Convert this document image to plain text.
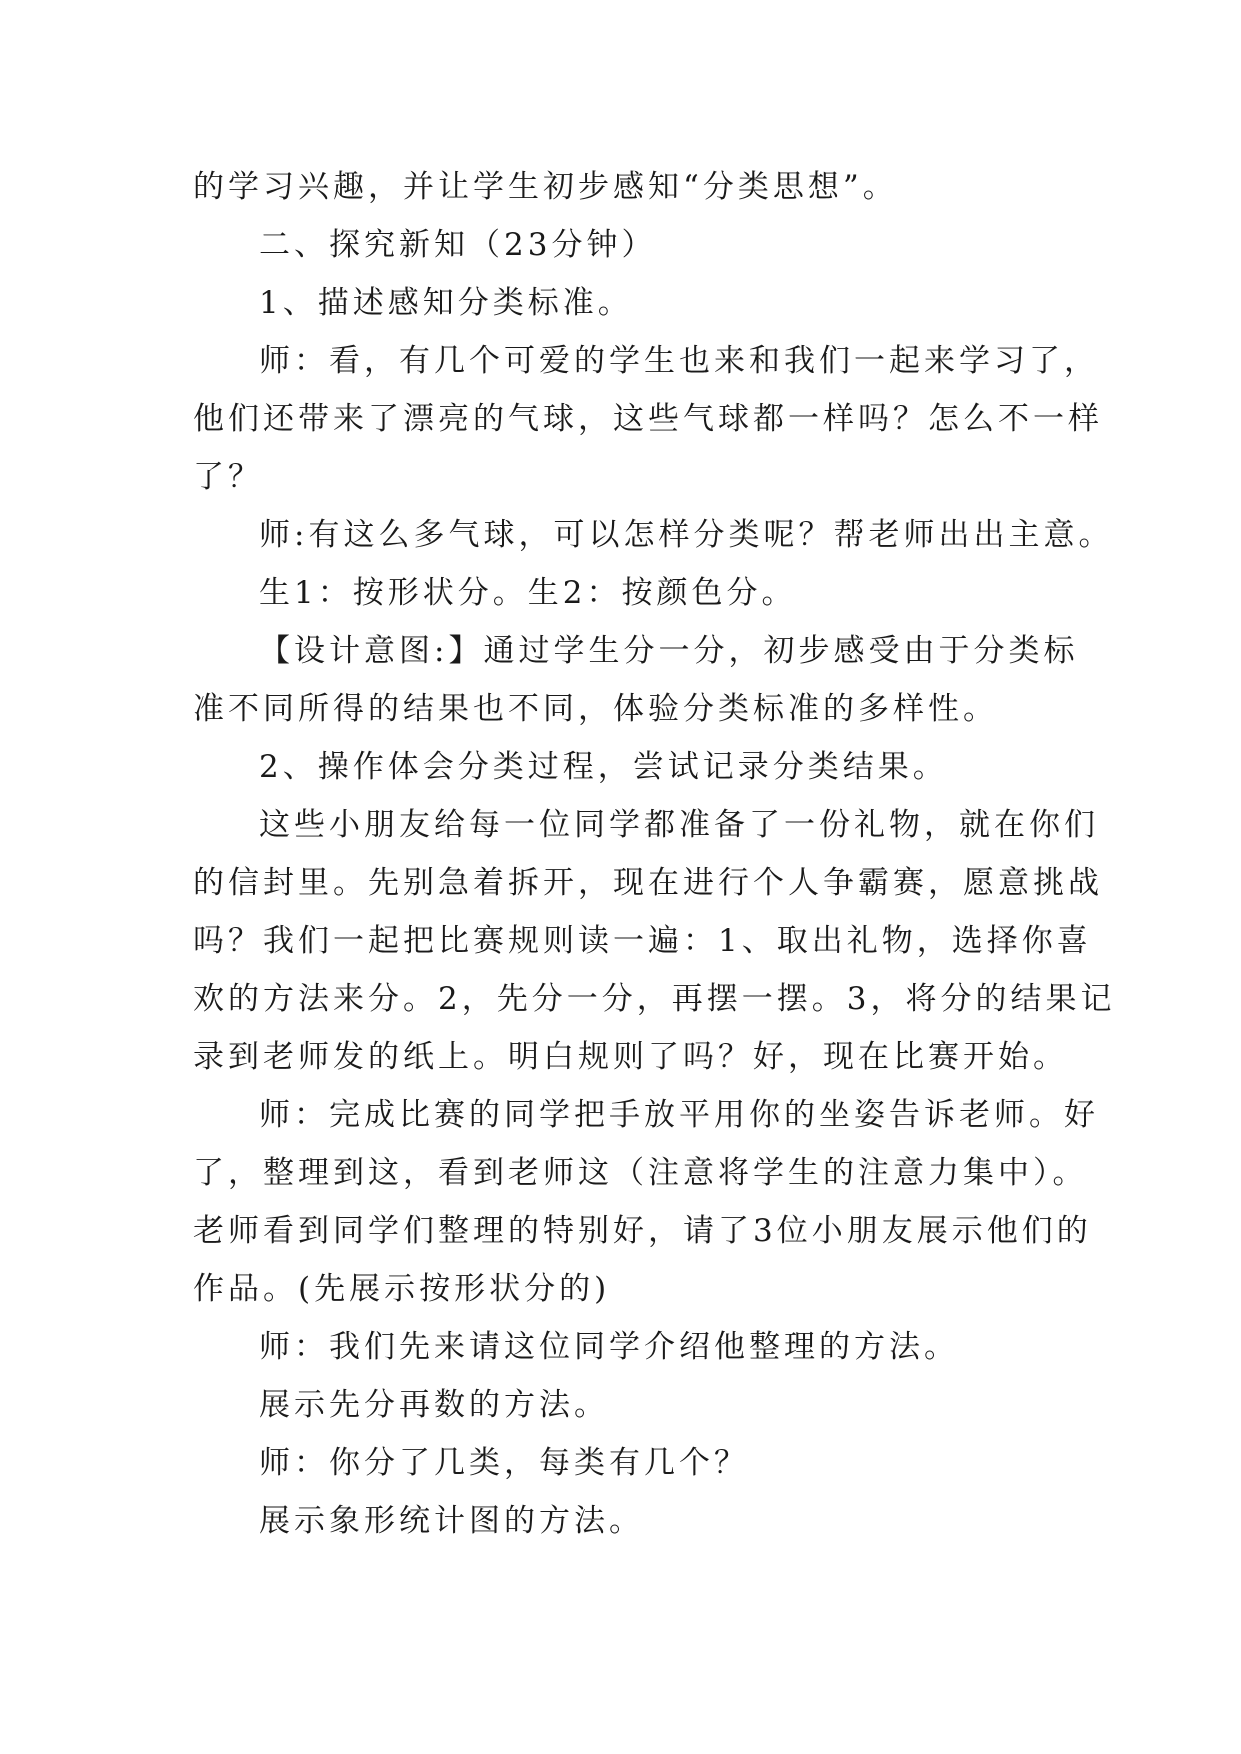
的学习兴趣，并让学生初步感知“分类思想”。

二、探究新知（23分钟）

1、描述感知分类标准。

师：看，有几个可爱的学生也来和我们一起来学习了，

他们还带来了漂亮的气球，这些气球都一样吗？怎么不一样

了？

师:有这么多气球，可以怎样分类呢？帮老师出出主意。

生1：按形状分。生2：按颜色分。

【设计意图:】通过学生分一分，初步感受由于分类标

准不同所得的结果也不同，体验分类标准的多样性。

2、操作体会分类过程，尝试记录分类结果。

这些小朋友给每一位同学都准备了一份礼物，就在你们

的信封里。先别急着拆开，现在进行个人争霸赛，愿意挑战

吗？我们一起把比赛规则读一遍：1、取出礼物，选择你喜

欢的方法来分。2，先分一分，再摆一摆。3，将分的结果记

录到老师发的纸上。明白规则了吗？好，现在比赛开始。

师：完成比赛的同学把手放平用你的坐姿告诉老师。好

了，整理到这，看到老师这（注意将学生的注意力集中）。

老师看到同学们整理的特别好，请了3位小朋友展示他们的

作品。(先展示按形状分的)

师：我们先来请这位同学介绍他整理的方法。

展示先分再数的方法。

师：你分了几类，每类有几个？

展示象形统计图的方法。
